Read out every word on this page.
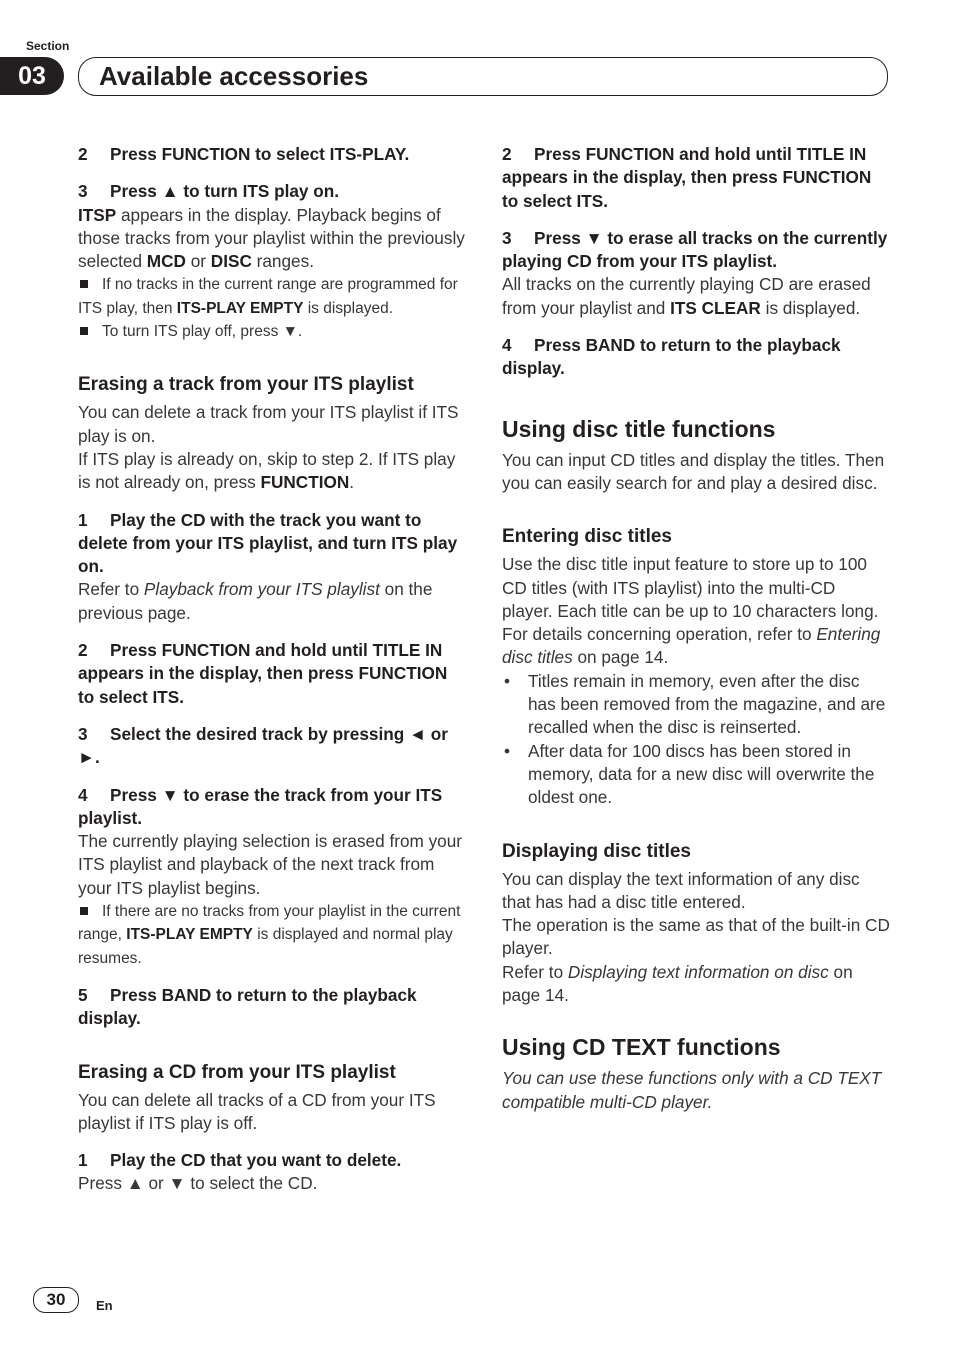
Section
03	Available accessories
2 Press FUNCTION to select ITS-PLAY.
3 Press ▲ to turn ITS play on.

ITSP appears in the display. Playback begins of those tracks from your playlist within the previously selected MCD or DISC ranges.

If no tracks in the current range are programmed for ITS play, then ITS-PLAY EMPTY is displayed.

To turn ITS play off, press ▼.

Erasing a track from your ITS playlist

You can delete a track from your ITS playlist if ITS play is on.

If ITS play is already on, skip to step 2. If ITS play is not already on, press FUNCTION.

1 Play the CD with the track you want to delete from your ITS playlist, and turn ITS play on.

Refer to Playback from your ITS playlist on the previous page.

2 Press FUNCTION and hold until TITLE IN appears in the display, then press FUNCTION to select ITS.
3 Select the desired track by pressing ◄ or ►.
4 Press ▼ to erase the track from your ITS playlist.

The currently playing selection is erased from your ITS playlist and playback of the next track from your ITS playlist begins.

If there are no tracks from your playlist in the current range, ITS-PLAY EMPTY is displayed and normal play resumes.

5 Press BAND to return to the playback display.
Erasing a CD from your ITS playlist

You can delete all tracks of a CD from your ITS playlist if ITS play is off.

1 Play the CD that you want to delete.

Press ▲ or ▼ to select the CD.

2 Press FUNCTION and hold until TITLE IN appears in the display, then press FUNCTION to select ITS.
3 Press ▼ to erase all tracks on the currently playing CD from your ITS playlist.

All tracks on the currently playing CD are erased from your playlist and ITS CLEAR is displayed.

4 Press BAND to return to the playback display.
Using disc title functions

You can input CD titles and display the titles. Then you can easily search for and play a desired disc.

Entering disc titles

Use the disc title input feature to store up to 100 CD titles (with ITS playlist) into the multi-CD player. Each title can be up to 10 characters long.

For details concerning operation, refer to Entering disc titles on page 14.

• Titles remain in memory, even after the disc has been removed from the magazine, and are recalled when the disc is reinserted.

• After data for 100 discs has been stored in memory, data for a new disc will overwrite the oldest one.

Displaying disc titles

You can display the text information of any disc that has had a disc title entered.

The operation is the same as that of the built-in CD player.

Refer to Displaying text information on disc on page 14.

Using CD TEXT functions

You can use these functions only with a CD TEXT compatible multi-CD player.

30	En
